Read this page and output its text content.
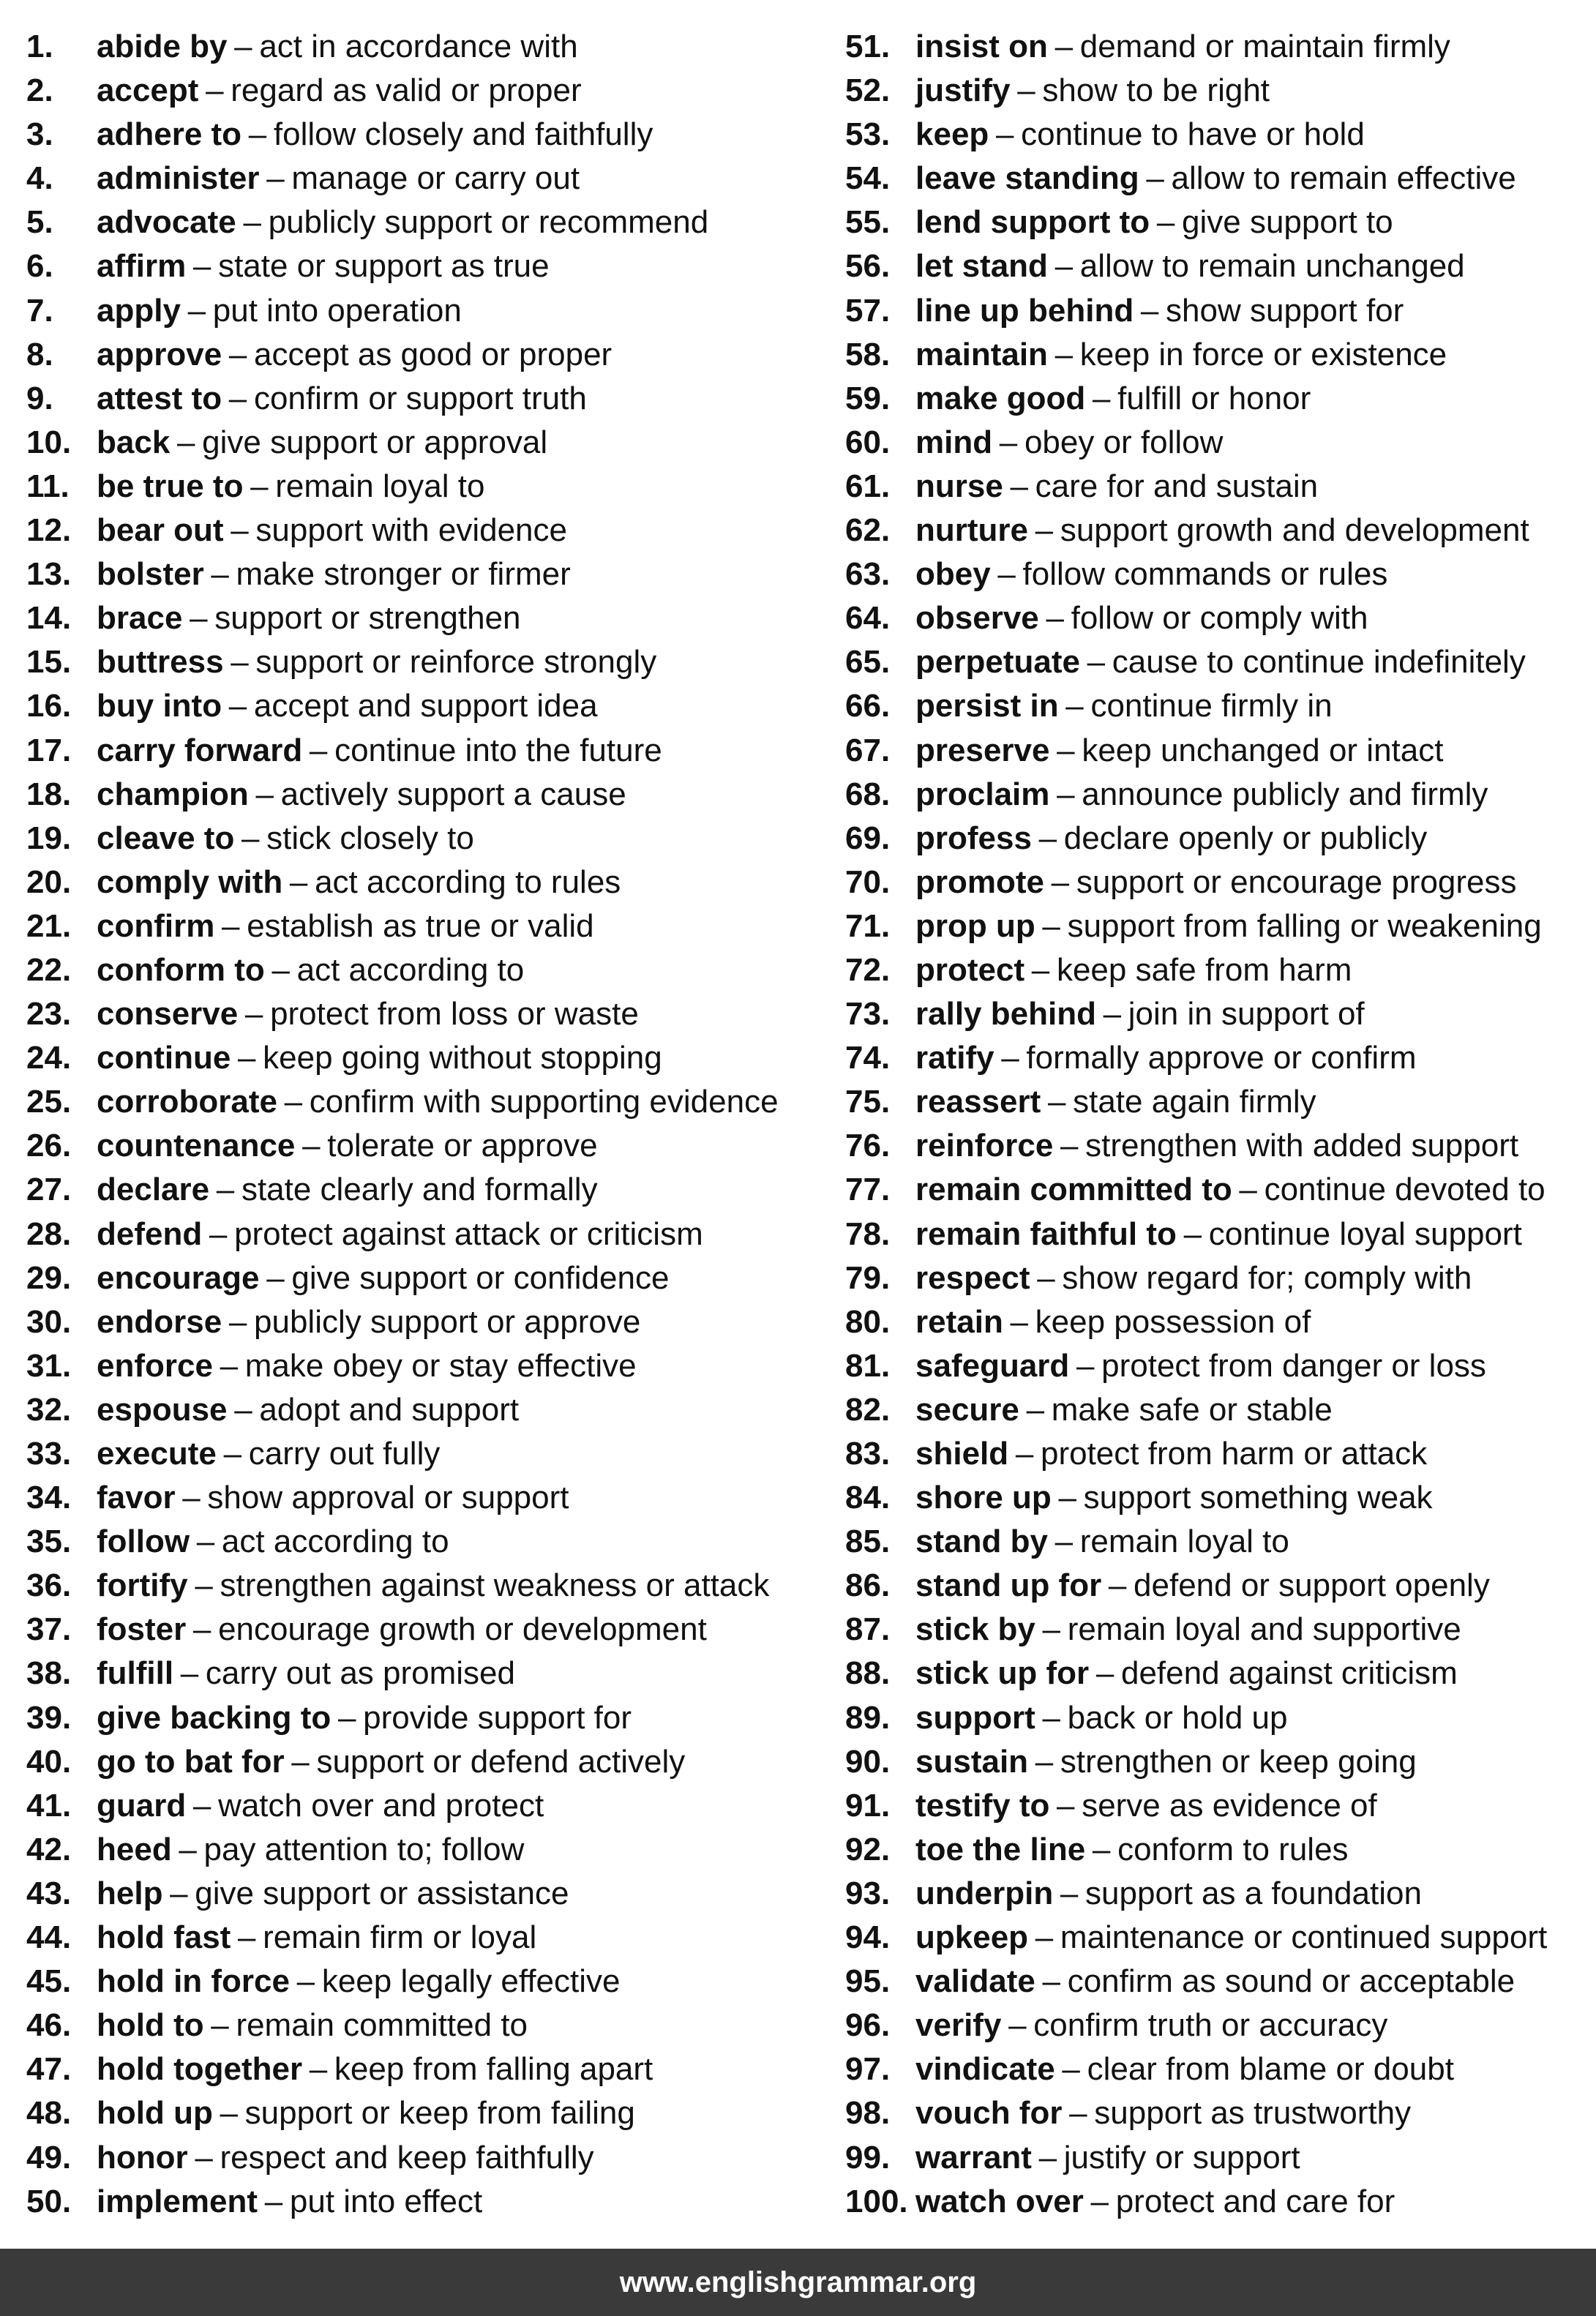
1.	abide by – act in accordance with
2.	accept – regard as valid or proper
3.	adhere to – follow closely and faithfully
4.	administer – manage or carry out
5.	advocate – publicly support or recommend
6.	affirm – state or support as true
7.	apply – put into operation
8.	approve – accept as good or proper
9.	attest to – confirm or support truth
10. back – give support or approval
11. be true to – remain loyal to
12. bear out – support with evidence
13. bolster – make stronger or firmer
14. brace – support or strengthen
15. buttress – support or reinforce strongly
16. buy into – accept and support idea
17. carry forward – continue into the future
18. champion – actively support a cause
19. cleave to – stick closely to
20. comply with – act according to rules
21. confirm – establish as true or valid
22. conform to – act according to
23. conserve – protect from loss or waste
24. continue – keep going without stopping
25. corroborate – confirm with supporting evidence
26. countenance – tolerate or approve
27. declare – state clearly and formally
28. defend – protect against attack or criticism
29. encourage – give support or confidence
30. endorse – publicly support or approve
31. enforce – make obey or stay effective
32. espouse – adopt and support
33. execute – carry out fully
34. favor – show approval or support
35. follow – act according to
36. fortify – strengthen against weakness or attack
37. foster – encourage growth or development
38. fulfill – carry out as promised
39. give backing to – provide support for
40. go to bat for – support or defend actively
41. guard – watch over and protect
42. heed – pay attention to; follow
43. help – give support or assistance
44. hold fast – remain firm or loyal
45. hold in force – keep legally effective
46. hold to – remain committed to
47. hold together – keep from falling apart
48. hold up – support or keep from failing
49. honor – respect and keep faithfully
50. implement – put into effect
51. insist on – demand or maintain firmly
52. justify – show to be right
53. keep – continue to have or hold
54. leave standing – allow to remain effective
55. lend support to – give support to
56. let stand – allow to remain unchanged
57. line up behind – show support for
58. maintain – keep in force or existence
59. make good – fulfill or honor
60. mind – obey or follow
61. nurse – care for and sustain
62. nurture – support growth and development
63. obey – follow commands or rules
64. observe – follow or comply with
65. perpetuate – cause to continue indefinitely
66. persist in – continue firmly in
67. preserve – keep unchanged or intact
68. proclaim – announce publicly and firmly
69. profess – declare openly or publicly
70. promote – support or encourage progress
71. prop up – support from falling or weakening
72. protect – keep safe from harm
73. rally behind – join in support of
74. ratify – formally approve or confirm
75. reassert – state again firmly
76. reinforce – strengthen with added support
77. remain committed to – continue devoted to
78. remain faithful to – continue loyal support
79. respect – show regard for; comply with
80. retain – keep possession of
81. safeguard – protect from danger or loss
82. secure – make safe or stable
83. shield – protect from harm or attack
84. shore up – support something weak
85. stand by – remain loyal to
86. stand up for – defend or support openly
87. stick by – remain loyal and supportive
88. stick up for – defend against criticism
89. support – back or hold up
90. sustain – strengthen or keep going
91. testify to – serve as evidence of
92. toe the line – conform to rules
93. underpin – support as a foundation
94. upkeep – maintenance or continued support
95. validate – confirm as sound or acceptable
96. verify – confirm truth or accuracy
97. vindicate – clear from blame or doubt
98. vouch for – support as trustworthy
99. warrant – justify or support
100. watch over – protect and care for
www.englishgrammar.org
